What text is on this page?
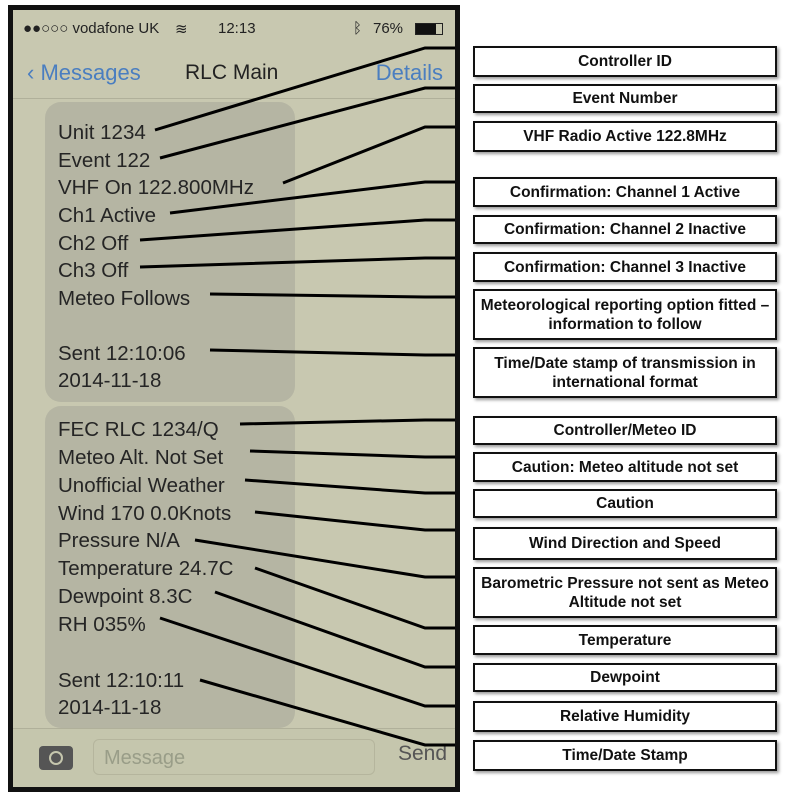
●●○○○ vodafone UK ≋ 12:13	ᛒ 76%
‹ Messages RLC Main	Details
Unit 1234
Event 122
VHF On 122.800MHz
Ch1 Active
Ch2 Off
Ch3 Off
Meteo Follows
Sent 12:10:06
2014-11-18
FEC RLC 1234/Q
Meteo Alt. Not Set
Unofficial Weather
Wind 170 0.0Knots
Pressure N/A
Temperature 24.7C
Dewpoint 8.3C
RH 035%
Sent 12:10:11
2014-11-18
Message	Send
Controller ID
Event Number
VHF Radio Active 122.8MHz
Confirmation: Channel 1 Active
Confirmation: Channel 2 Inactive
Confirmation: Channel 3 Inactive
Meteorological reporting option fitted – information to follow
Time/Date stamp of transmission in international format
Controller/Meteo ID
Caution: Meteo altitude not set
Caution
Wind Direction and Speed
Barometric Pressure not sent as Meteo Altitude not set
Temperature
Dewpoint
Relative Humidity
Time/Date Stamp
